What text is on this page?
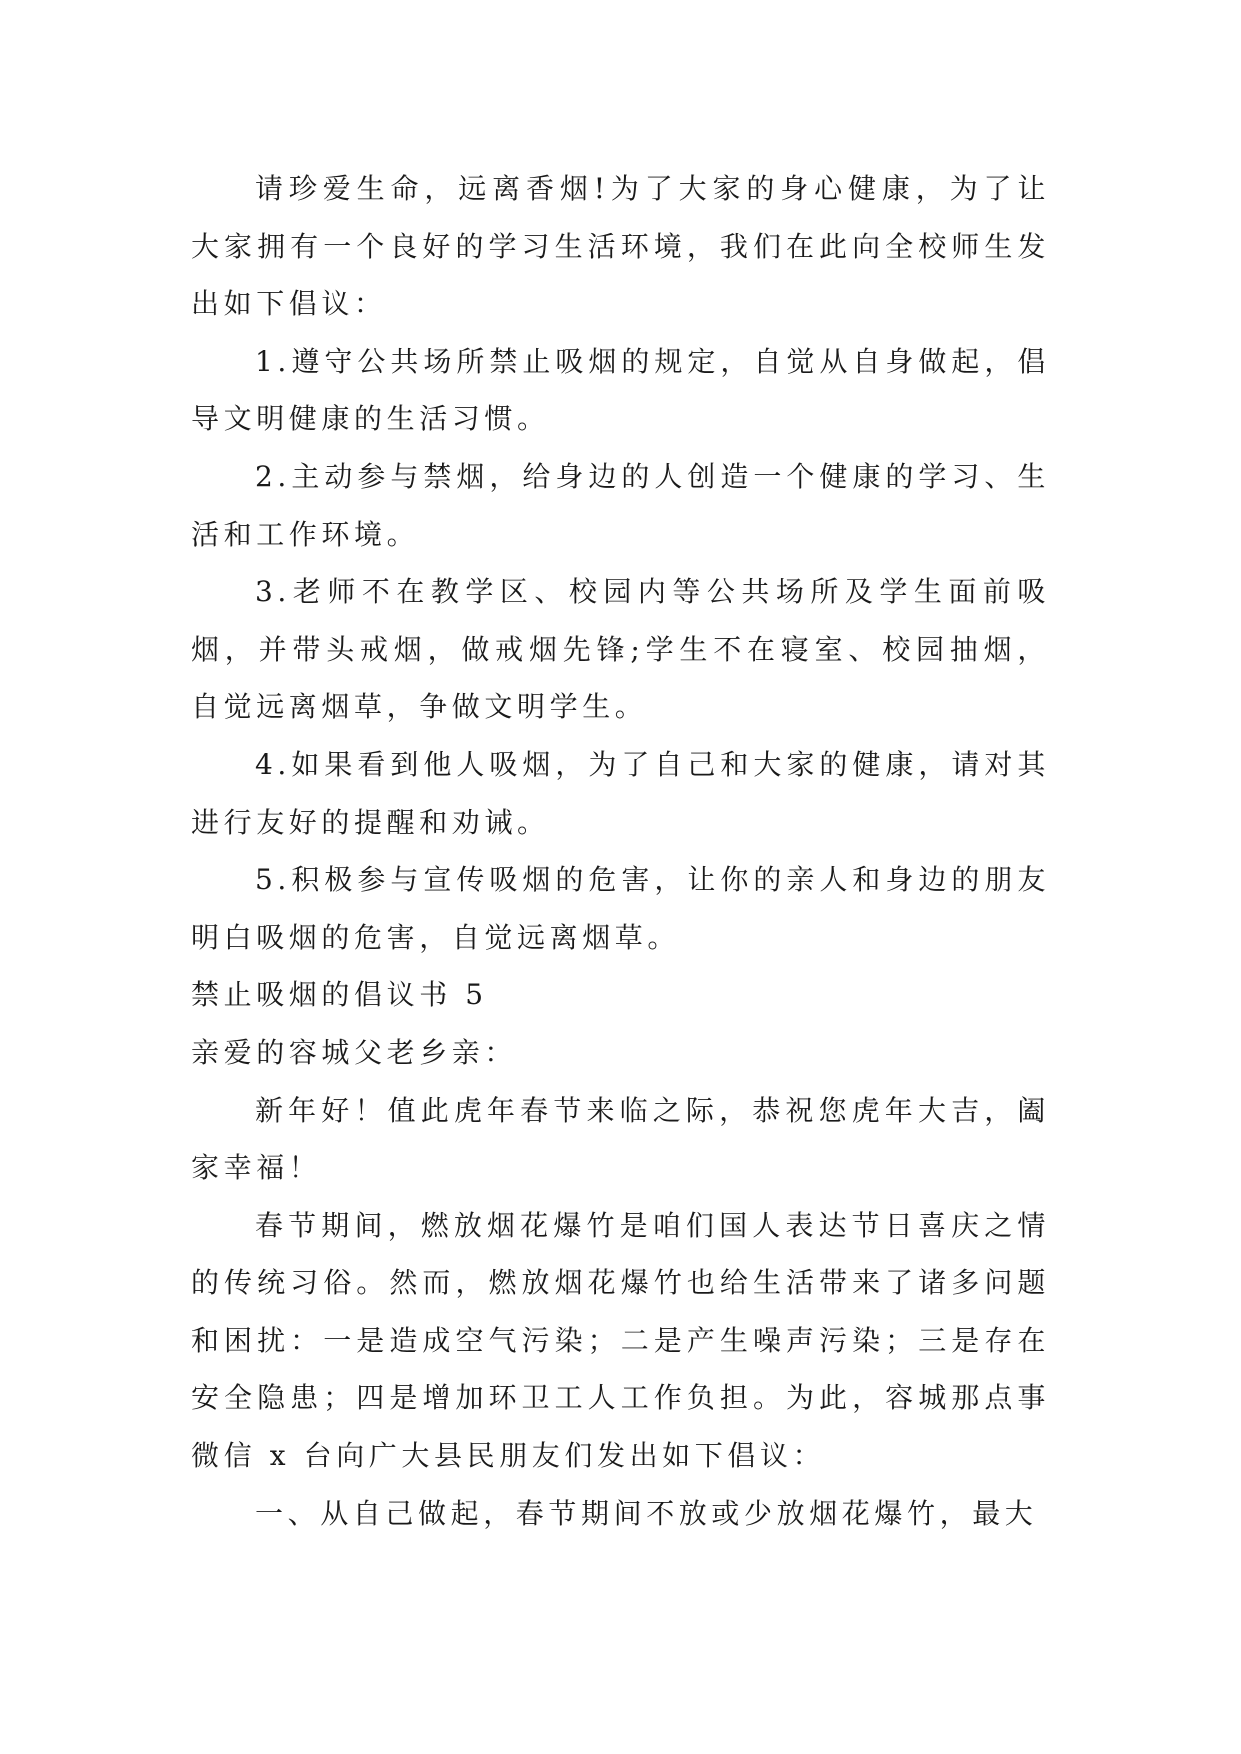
请珍爱生命，远离香烟!为了大家的身心健康，为了让大家拥有一个良好的学习生活环境，我们在此向全校师生发出如下倡议：

1.遵守公共场所禁止吸烟的规定，自觉从自身做起，倡导文明健康的生活习惯。

2.主动参与禁烟，给身边的人创造一个健康的学习、生活和工作环境。

3.老师不在教学区、校园内等公共场所及学生面前吸烟，并带头戒烟，做戒烟先锋;学生不在寝室、校园抽烟，自觉远离烟草，争做文明学生。

4.如果看到他人吸烟，为了自己和大家的健康，请对其进行友好的提醒和劝诫。

5.积极参与宣传吸烟的危害，让你的亲人和身边的朋友明白吸烟的危害，自觉远离烟草。

禁止吸烟的倡议书 5

亲爱的容城父老乡亲：

新年好！值此虎年春节来临之际，恭祝您虎年大吉，阖家幸福！

春节期间，燃放烟花爆竹是咱们国人表达节日喜庆之情的传统习俗。然而，燃放烟花爆竹也给生活带来了诸多问题和困扰：一是造成空气污染；二是产生噪声污染；三是存在安全隐患；四是增加环卫工人工作负担。为此，容城那点事微信 x 台向广大县民朋友们发出如下倡议：

一、从自己做起，春节期间不放或少放烟花爆竹，最大
